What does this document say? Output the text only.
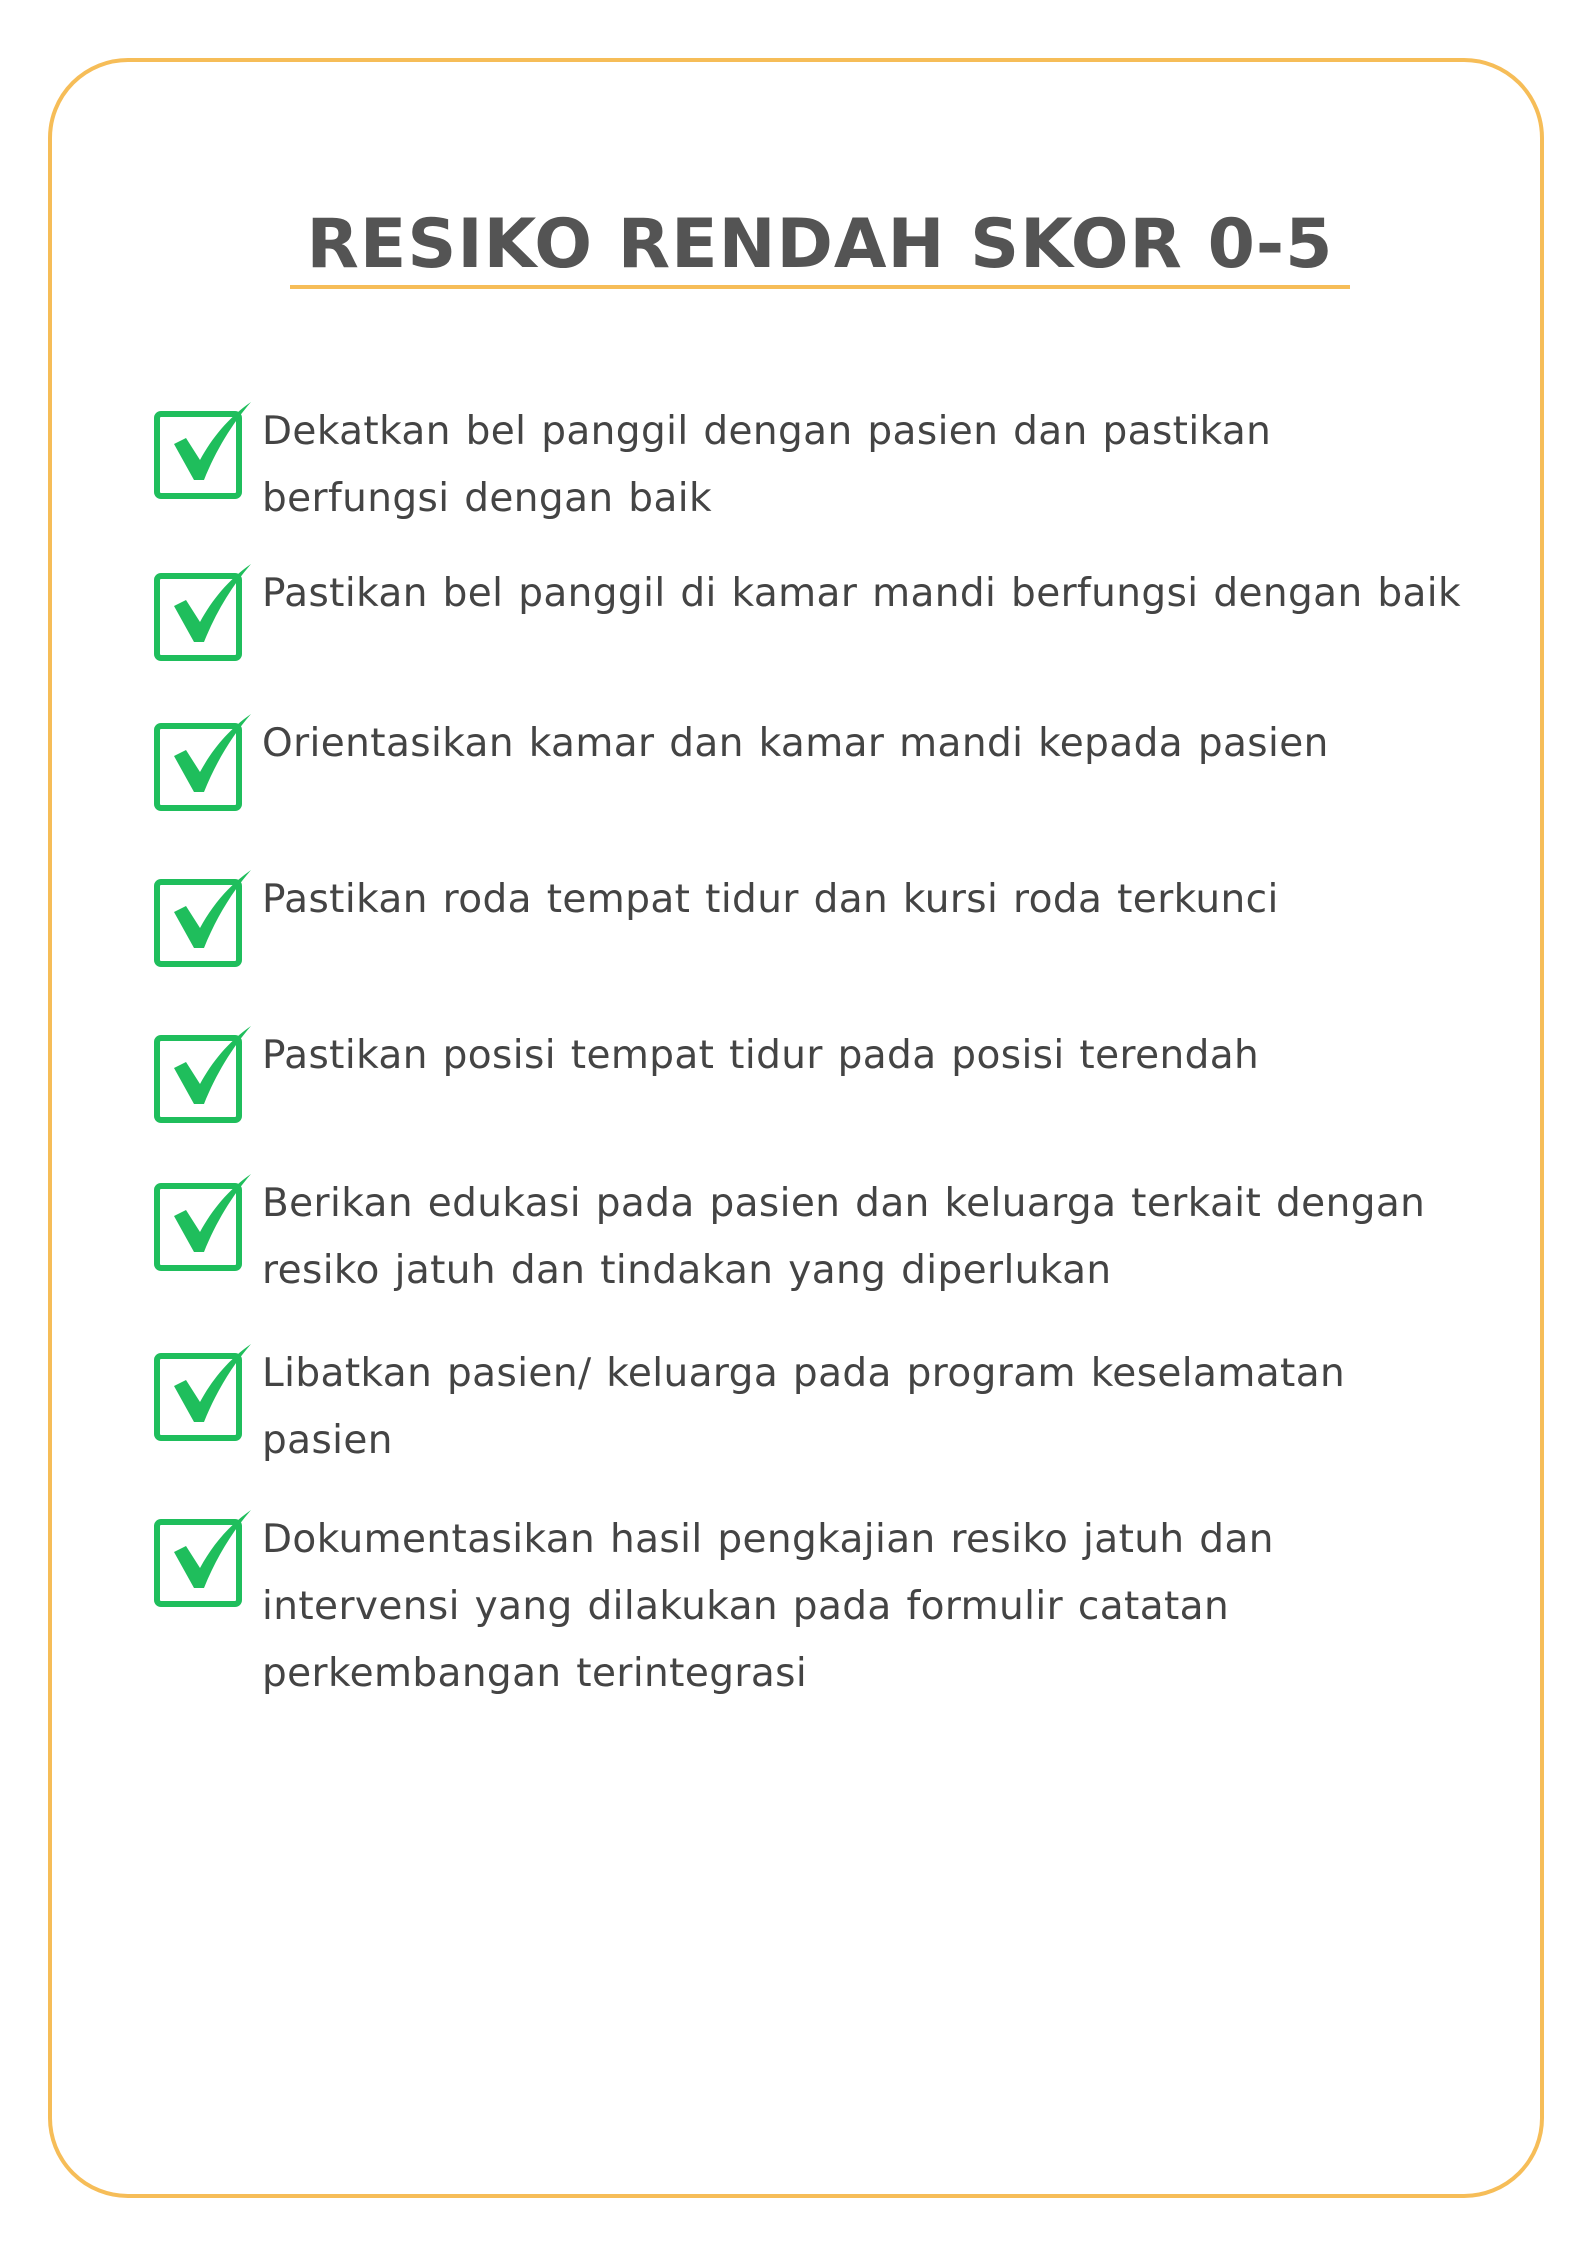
RESIKO RENDAH SKOR 0-5
Dekatkan bel panggil dengan pasien dan pastikan berfungsi dengan baik
Pastikan bel panggil di kamar mandi berfungsi dengan baik
Orientasikan kamar dan kamar mandi kepada pasien
Pastikan roda tempat tidur dan kursi roda terkunci
Pastikan posisi tempat tidur pada posisi terendah
Berikan edukasi pada pasien dan keluarga terkait dengan resiko jatuh dan tindakan yang diperlukan
Libatkan pasien/ keluarga pada program keselamatan pasien
Dokumentasikan hasil pengkajian resiko jatuh dan intervensi yang dilakukan pada formulir catatan perkembangan terintegrasi
